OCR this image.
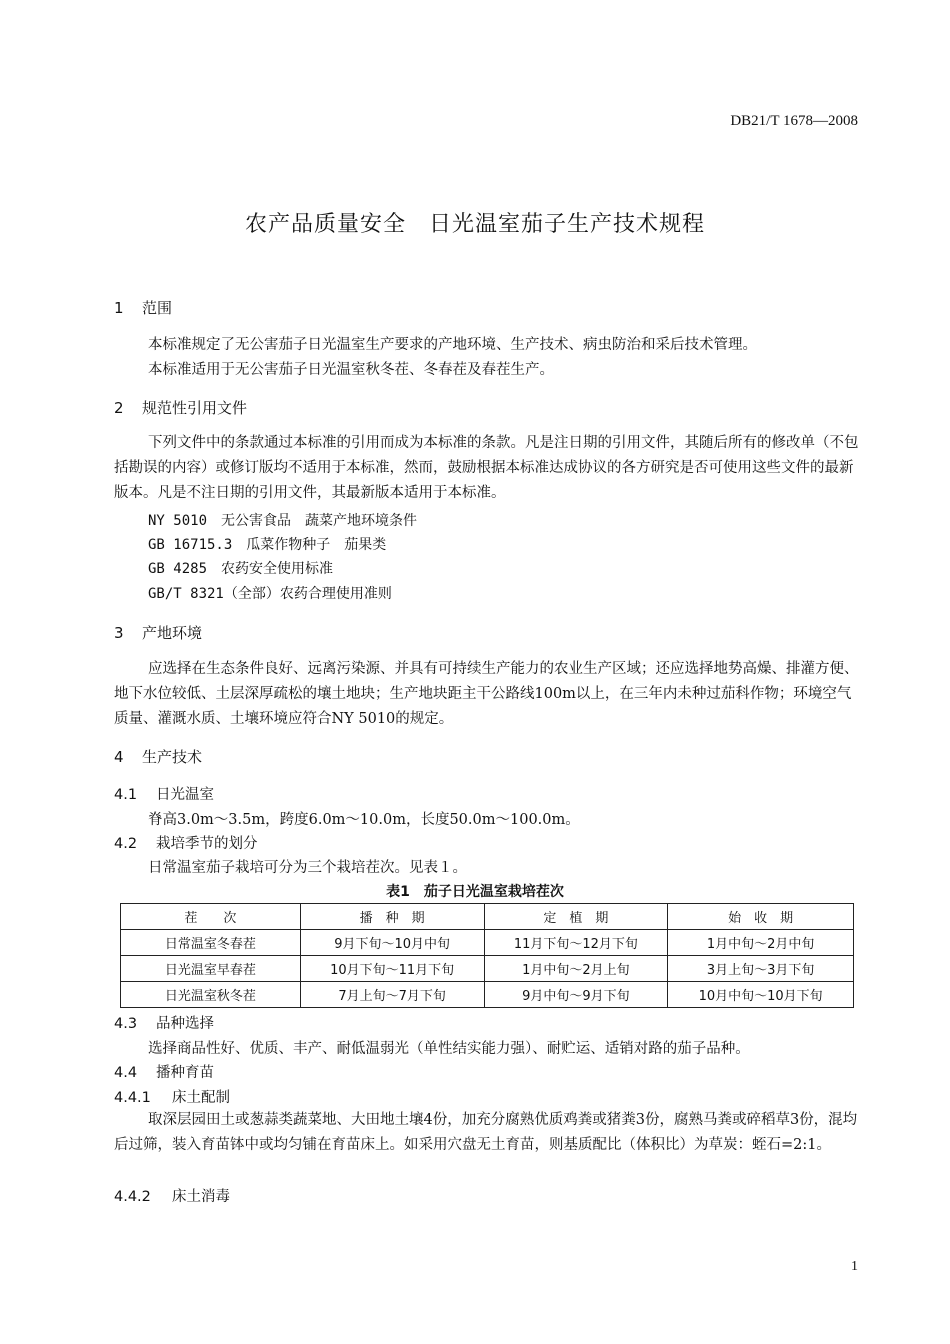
DB21/T 1678—2008
农产品质量安全　日光温室茄子生产技术规程
1 范围
本标准规定了无公害茄子日光温室生产要求的产地环境、生产技术、病虫防治和采后技术管理。
本标准适用于无公害茄子日光温室秋冬茬、冬春茬及春茬生产。
2 规范性引用文件
下列文件中的条款通过本标准的引用而成为本标准的条款。凡是注日期的引用文件，其随后所有的修改单（不包括勘误的内容）或修订版均不适用于本标准，然而，鼓励根据本标准达成协议的各方研究是否可使用这些文件的最新版本。凡是不注日期的引用文件，其最新版本适用于本标准。
NY 5010　无公害食品　蔬菜产地环境条件
GB 16715.3　瓜菜作物种子　茄果类
GB 4285　农药安全使用标准
GB/T 8321（全部）农药合理使用准则
3 产地环境
应选择在生态条件良好、远离污染源、并具有可持续生产能力的农业生产区域；还应选择地势高燥、排灌方便、地下水位较低、土层深厚疏松的壤土地块；生产地块距主干公路线100m以上，在三年内未种过茄科作物；环境空气质量、灌溉水质、土壤环境应符合NY 5010的规定。
4 生产技术
4.1 日光温室
脊高3.0m～3.5m，跨度6.0m～10.0m，长度50.0m～100.0m。
4.2 栽培季节的划分
日常温室茄子栽培可分为三个栽培茬次。见表１。
表1　茄子日光温室栽培茬次
茬　　次	播　种　期	定　植　期	始　收　期
日常温室冬春茬	9月下旬～10月中旬	11月下旬～12月下旬	1月中旬～2月中旬
日光温室早春茬	10月下旬～11月下旬	1月中旬～2月上旬	3月上旬～3月下旬
日光温室秋冬茬	7月上旬～7月下旬	9月中旬～9月下旬	10月中旬～10月下旬
4.3 品种选择
选择商品性好、优质、丰产、耐低温弱光（单性结实能力强）、耐贮运、适销对路的茄子品种。
4.4 播种育苗
4.4.1 床土配制
取深层园田土或葱蒜类蔬菜地、大田地土壤4份，加充分腐熟优质鸡粪或猪粪3份，腐熟马粪或碎稻草3份，混均后过筛，装入育苗钵中或均匀铺在育苗床上。如采用穴盘无土育苗，则基质配比（体积比）为草炭：蛭石=2:1。
4.4.2 床土消毒
1
